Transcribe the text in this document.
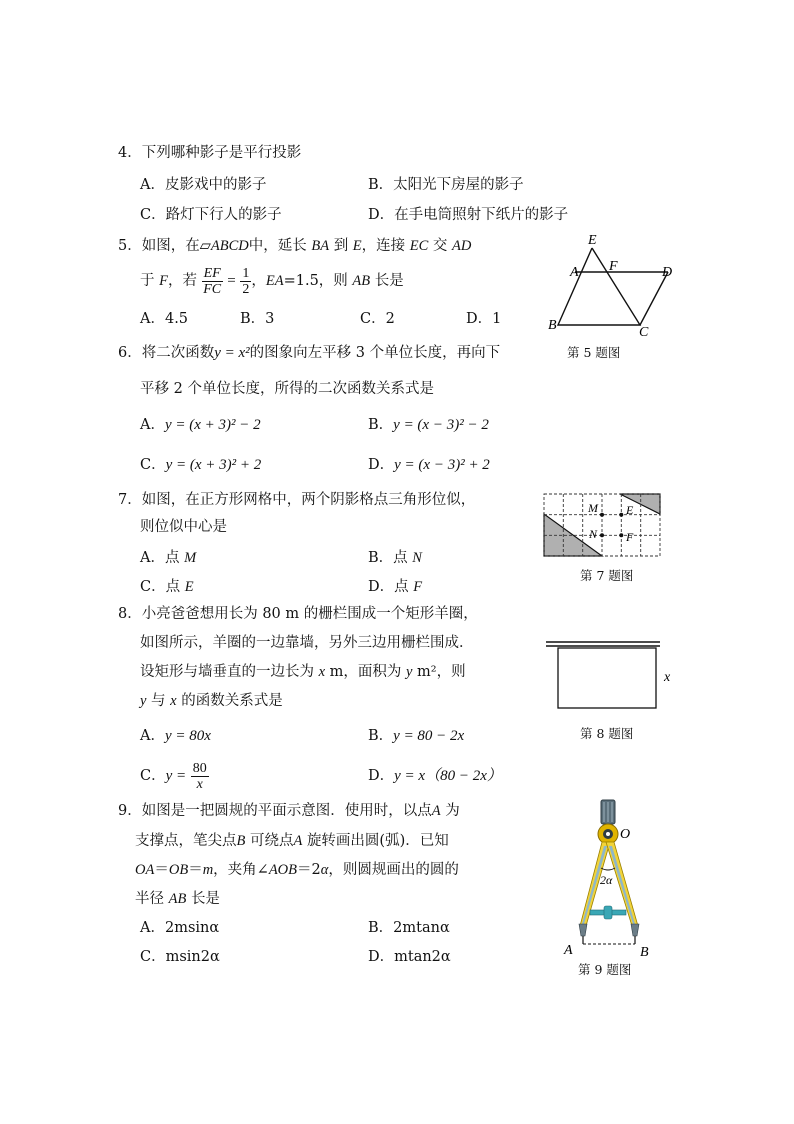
4．下列哪种影子是平行投影
A．皮影戏中的影子	B．太阳光下房屋的影子
C．路灯下行人的影子	D．在手电筒照射下纸片的影子
5．如图，在▱ABCD中，延长 BA 到 E，连接 EC 交 AD
于 F，若 $\frac{EF}{FC} = \frac{1}{2}$ ，EA=1.5，则 AB 长是
A．4.5	B．3	C．2	D．1
E
A F	D
B	C
第 5 题图
6．将二次函数y = x²的图象向左平移 3 个单位长度，再向下
平移 2 个单位长度，所得的二次函数关系式是
A．y = (x + 3)² − 2	B．y = (x − 3)² − 2
C．y = (x + 3)² + 2	D．y = (x − 3)² + 2
7．如图，在正方形网格中，两个阴影格点三角形位似，
则位似中心是
A．点 M	B．点 N
C．点 E	D．点 F
M
N
E
F
第 7 题图
8．小亮爸爸想用长为 80 m 的栅栏围成一个矩形羊圈，
如图所示，羊圈的一边靠墙，另外三边用栅栏围成．
设矩形与墙垂直的一边长为 x m，面积为 y m²，则
y 与 x 的函数关系式是
A．y = 80x	B．y = 80 − 2x
C．$y = \frac{80}{x}$	D．y = x（80 − 2x）
x
第 8 题图
9．如图是一把圆规的平面示意图．使用时，以点A 为
支撑点，笔尖点B 可绕点A 旋转画出圆(弧)．已知
OA＝OB＝m，夹角∠AOB＝2α，则圆规画出的圆的
半径 AB 长是
A．2msinα	B．2mtanα
C．msin2α	D．mtan2α
2α
O
A	B
第 9 题图
